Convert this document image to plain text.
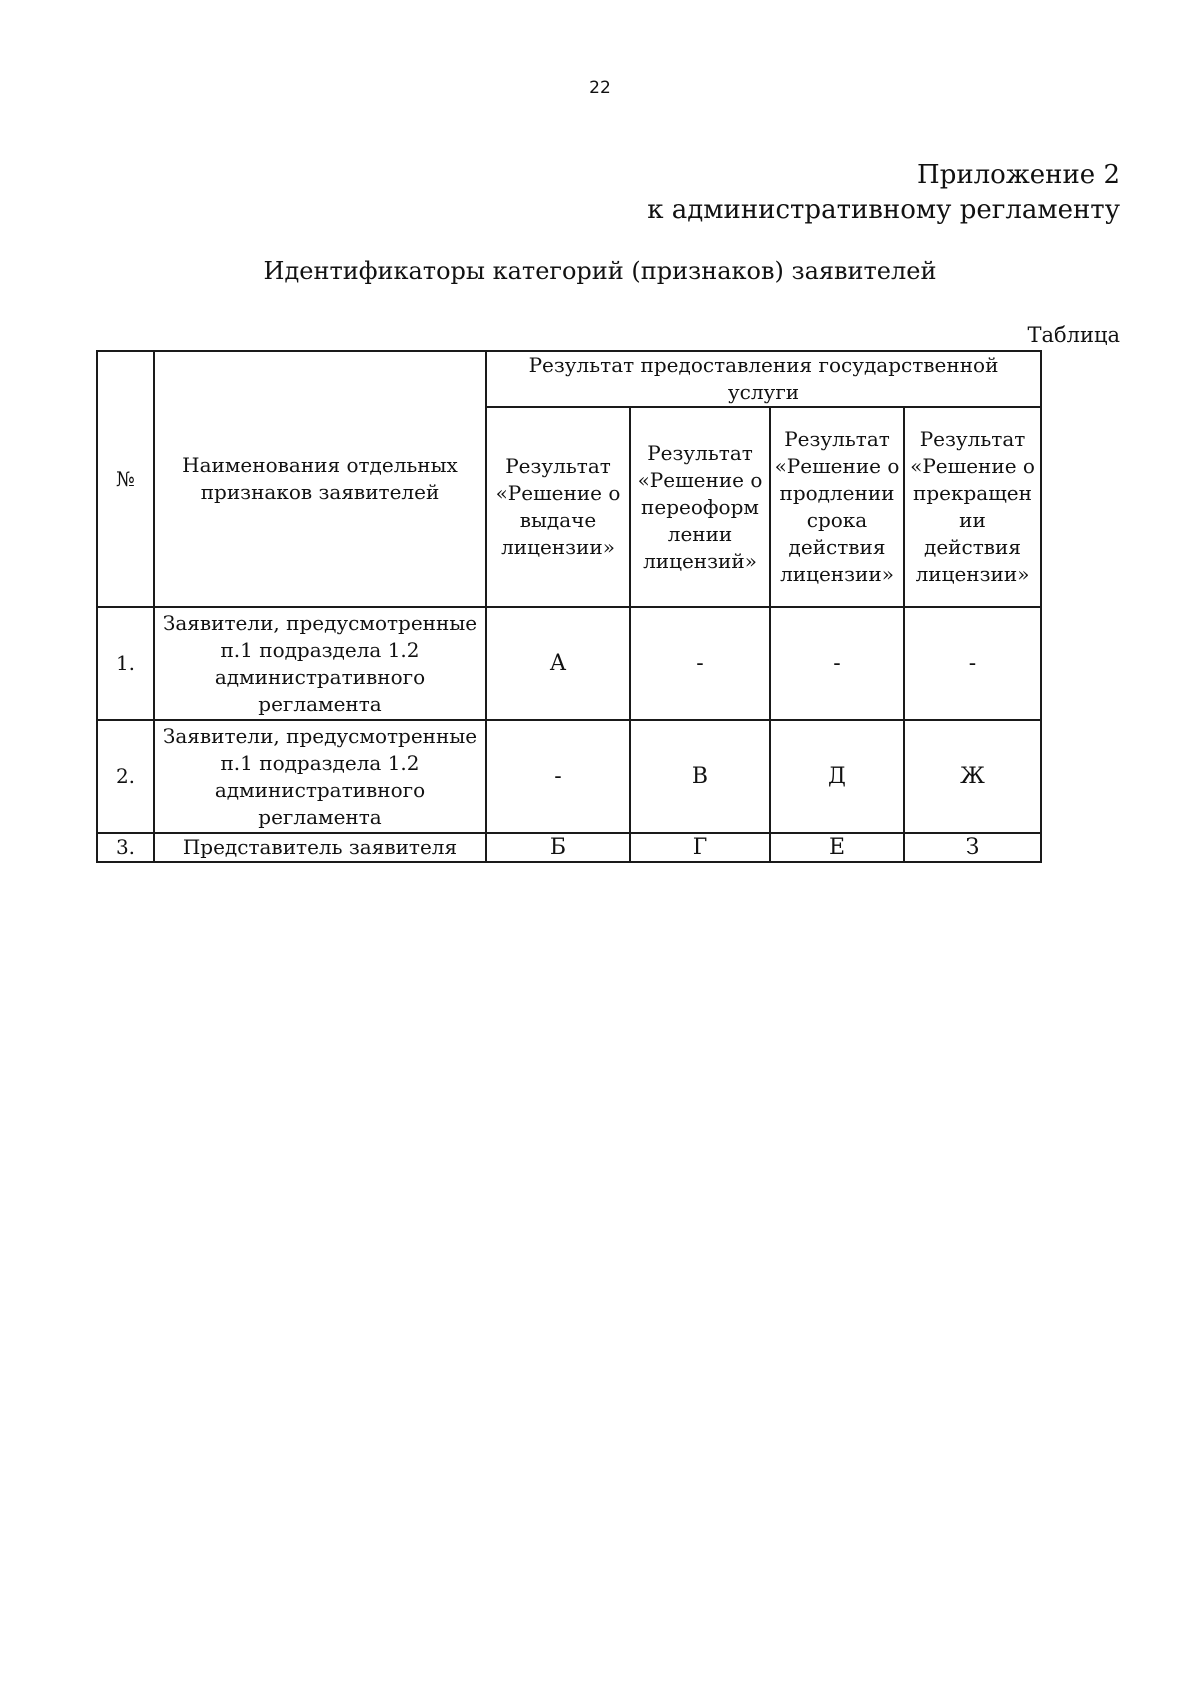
22
Приложение 2
к административному регламенту
Идентификаторы категорий (признаков) заявителей
Таблица
№	Наименования отдельных признаков заявителей	Результат предоставления государственной услуги			
		Результат «Решение о выдаче лицензии»	Результат «Решение о переоформ лении лицензий»	Результат «Решение о продлении срока действия лицензии»	Результат «Решение о прекращен ии действия лицензии»
1.	Заявители, предусмотренные п.1 подраздела 1.2 административного регламента	А	-	-	-
2.	Заявители, предусмотренные п.1 подраздела 1.2 административного регламента	-	В	Д	Ж
3.	Представитель заявителя	Б	Г	Е	З
